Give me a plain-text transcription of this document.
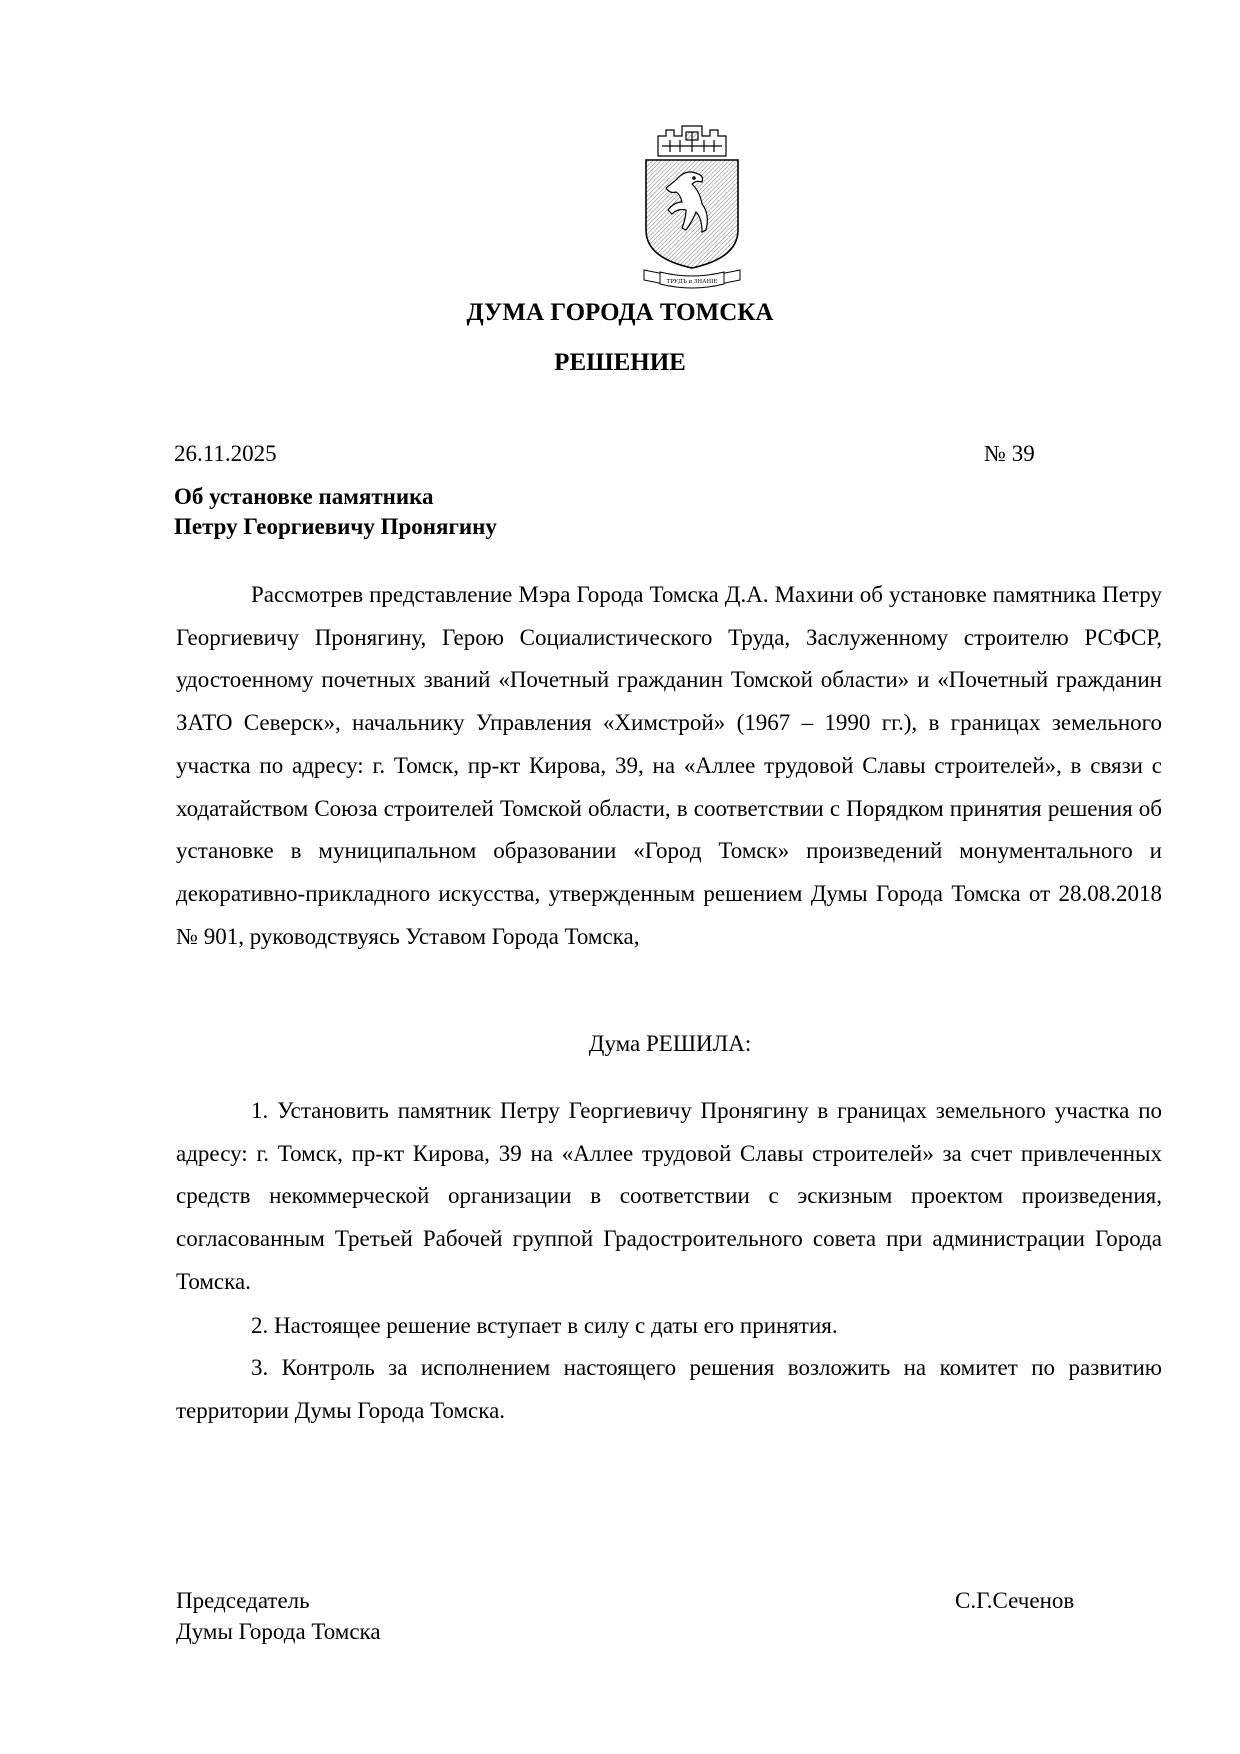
ТРУДЪ и ЗНАНIЕ
ДУМА ГОРОДА ТОМСКА
РЕШЕНИЕ
26.11.2025	№ 39
Об установке памятника
Петру Георгиевичу Пронягину

Рассмотрев представление Мэра Города Томска Д.А. Махини об установке памятника Петру Георгиевичу Пронягину, Герою Социалистического Труда, Заслуженному строителю РСФСР, удостоенному почетных званий «Почетный гражданин Томской области» и «Почетный гражданин ЗАТО Северск», начальнику Управления «Химстрой» (1967 – 1990 гг.), в границах земельного участка по адресу: г. Томск, пр-кт Кирова, 39, на «Аллее трудовой Славы строителей», в связи с ходатайством Союза строителей Томской области, в соответствии с Порядком принятия решения об установке в муниципальном образовании «Город Томск» произведений монументального и декоративно-прикладного искусства, утвержденным решением Думы Города Томска от 28.08.2018 № 901, руководствуясь Уставом Города Томска,

Дума РЕШИЛА:

1. Установить памятник Петру Георгиевичу Пронягину в границах земельного участка по адресу: г. Томск, пр-кт Кирова, 39 на «Аллее трудовой Славы строителей» за счет привлеченных средств некоммерческой организации в соответствии с эскизным проектом произведения, согласованным Третьей Рабочей группой Градостроительного совета при администрации Города Томска.

2. Настоящее решение вступает в силу с даты его принятия.

3. Контроль за исполнением настоящего решения возложить на комитет по развитию территории Думы Города Томска.

Председатель
Думы Города Томска
С.Г.Сеченов
